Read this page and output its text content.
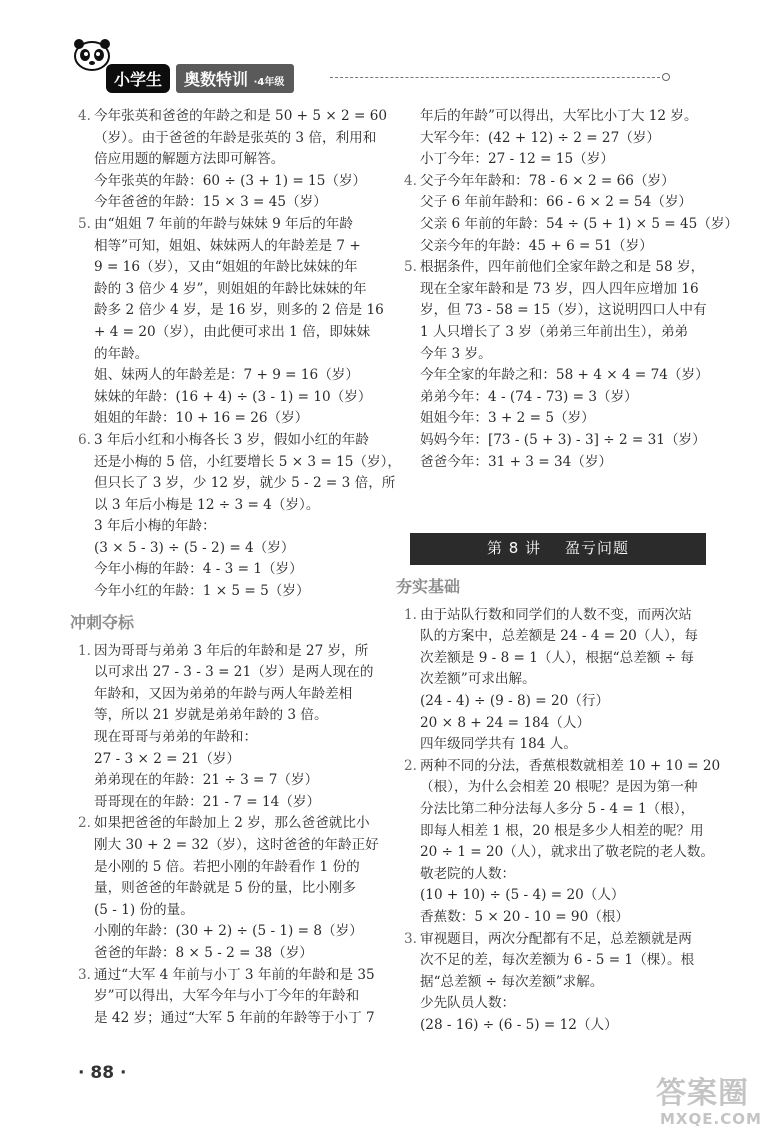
小学生	奥数特训 ·4年级
4. 今年张英和爸爸的年龄之和是 50 + 5 × 2 = 60
（岁）。由于爸爸的年龄是张英的 3 倍，利用和
倍应用题的解题方法即可解答。
今年张英的年龄：60 ÷ (3 + 1) = 15（岁）
今年爸爸的年龄：15 × 3 = 45（岁）
5. 由“姐姐 7 年前的年龄与妹妹 9 年后的年龄
相等”可知，姐姐、妹妹两人的年龄差是 7 +
9 = 16（岁），又由“姐姐的年龄比妹妹的年
龄的 3 倍少 4 岁”，则姐姐的年龄比妹妹的年
龄多 2 倍少 4 岁，是 16 岁，则多的 2 倍是 16
+ 4 = 20（岁），由此便可求出 1 倍，即妹妹
的年龄。
姐、妹两人的年龄差是：7 + 9 = 16（岁）
妹妹的年龄：(16 + 4) ÷ (3 - 1) = 10（岁）
姐姐的年龄：10 + 16 = 26（岁）
6. 3 年后小红和小梅各长 3 岁，假如小红的年龄
还是小梅的 5 倍，小红要增长 5 × 3 = 15（岁），
但只长了 3 岁，少 12 岁，就少 5 - 2 = 3 倍，所
以 3 年后小梅是 12 ÷ 3 = 4（岁）。
3 年后小梅的年龄：
(3 × 5 - 3) ÷ (5 - 2) = 4（岁）
今年小梅的年龄：4 - 3 = 1（岁）
今年小红的年龄：1 × 5 = 5（岁）
冲刺夺标
1. 因为哥哥与弟弟 3 年后的年龄和是 27 岁，所
以可求出 27 - 3 - 3 = 21（岁）是两人现在的
年龄和，又因为弟弟的年龄与两人年龄差相
等，所以 21 岁就是弟弟年龄的 3 倍。
现在哥哥与弟弟的年龄和：
27 - 3 × 2 = 21（岁）
弟弟现在的年龄：21 ÷ 3 = 7（岁）
哥哥现在的年龄：21 - 7 = 14（岁）
2. 如果把爸爸的年龄加上 2 岁，那么爸爸就比小
刚大 30 + 2 = 32（岁），这时爸爸的年龄正好
是小刚的 5 倍。若把小刚的年龄看作 1 份的
量，则爸爸的年龄就是 5 份的量，比小刚多
(5 - 1) 份的量。
小刚的年龄：(30 + 2) ÷ (5 - 1) = 8（岁）
爸爸的年龄：8 × 5 - 2 = 38（岁）
3. 通过“大军 4 年前与小丁 3 年前的年龄和是 35
岁”可以得出，大军今年与小丁今年的年龄和
是 42 岁；通过“大军 5 年前的年龄等于小丁 7
年后的年龄”可以得出，大军比小丁大 12 岁。
大军今年：(42 + 12) ÷ 2 = 27（岁）
小丁今年：27 - 12 = 15（岁）
4. 父子今年年龄和：78 - 6 × 2 = 66（岁）
父子 6 年前年龄和：66 - 6 × 2 = 54（岁）
父亲 6 年前的年龄：54 ÷ (5 + 1) × 5 = 45（岁）
父亲今年的年龄：45 + 6 = 51（岁）
5. 根据条件，四年前他们全家年龄之和是 58 岁，
现在全家年龄和是 73 岁，四人四年应增加 16
岁，但 73 - 58 = 15（岁），这说明四口人中有
1 人只增长了 3 岁（弟弟三年前出生），弟弟
今年 3 岁。
今年全家的年龄之和：58 + 4 × 4 = 74（岁）
弟弟今年：4 - (74 - 73) = 3（岁）
姐姐今年：3 + 2 = 5（岁）
妈妈今年：[73 - (5 + 3) - 3] ÷ 2 = 31（岁）
爸爸今年：31 + 3 = 34（岁）
第 8 讲 盈亏问题
夯实基础
1. 由于站队行数和同学们的人数不变，而两次站
队的方案中，总差额是 24 - 4 = 20（人），每
次差额是 9 - 8 = 1（人），根据“总差额 ÷ 每
次差额”可求出解。
(24 - 4) ÷ (9 - 8) = 20（行）
20 × 8 + 24 = 184（人）
四年级同学共有 184 人。
2. 两种不同的分法，香蕉根数就相差 10 + 10 = 20
（根），为什么会相差 20 根呢？是因为第一种
分法比第二种分法每人多分 5 - 4 = 1（根），
即每人相差 1 根，20 根是多少人相差的呢？用
20 ÷ 1 = 20（人），就求出了敬老院的老人数。
敬老院的人数：
(10 + 10) ÷ (5 - 4) = 20（人）
香蕉数：5 × 20 - 10 = 90（根）
3. 审视题目，两次分配都有不足，总差额就是两
次不足的差，每次差额为 6 - 5 = 1（棵）。根
据“总差额 ÷ 每次差额”求解。
少先队员人数：
(28 - 16) ÷ (6 - 5) = 12（人）
· 88 ·
答案圈
MXQE.COM
